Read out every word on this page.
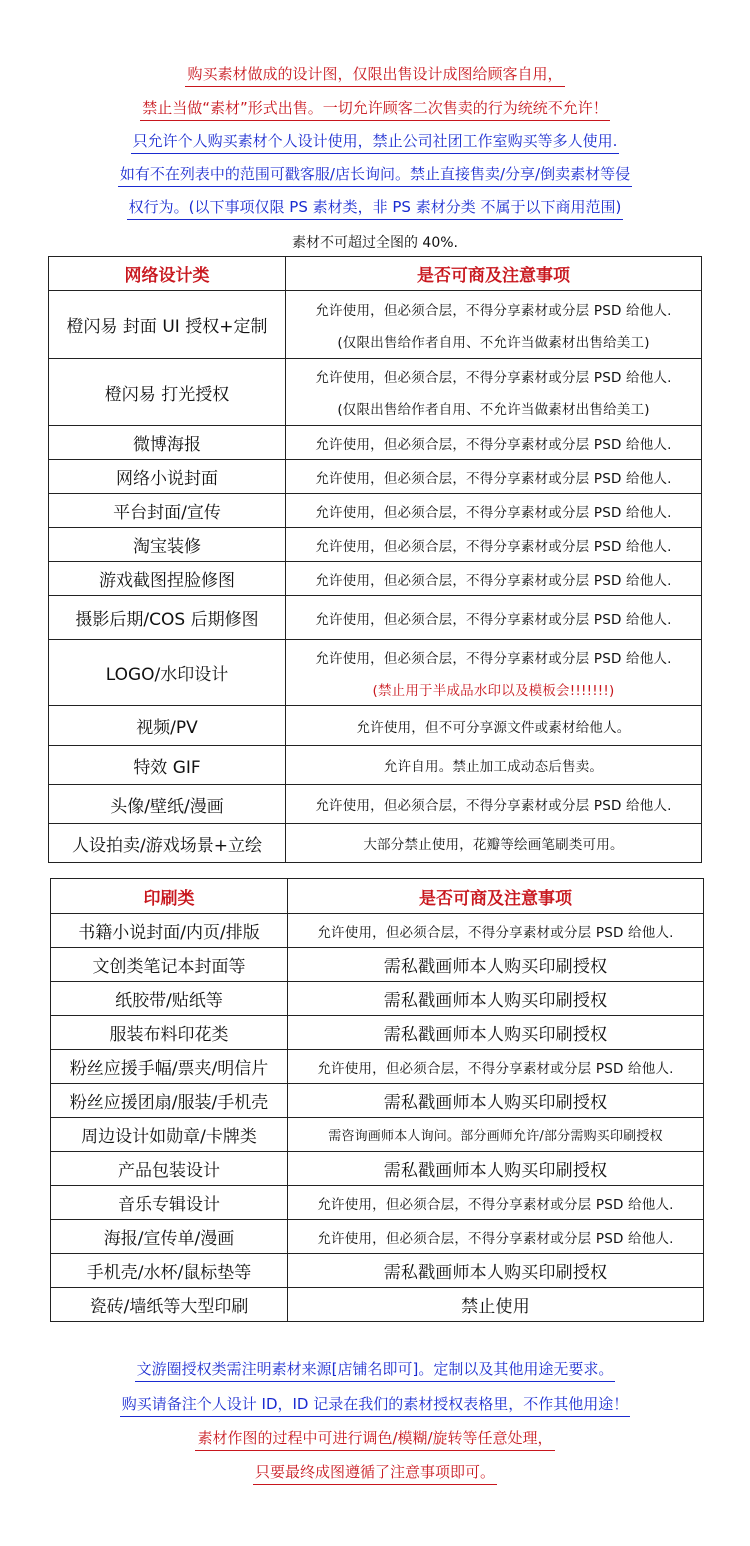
购买素材做成的设计图，仅限出售设计成图给顾客自用，
禁止当做“素材”形式出售。一切允许顾客二次售卖的行为统统不允许！
只允许个人购买素材个人设计使用，禁止公司社团工作室购买等多人使用.
如有不在列表中的范围可戳客服/店长询问。禁止直接售卖/分享/倒卖素材等侵
权行为。(以下事项仅限 PS 素材类，非 PS 素材分类 不属于以下商用范围)
素材不可超过全图的 40%.
网络设计类	是否可商及注意事项
橙闪易 封面 UI 授权+定制	允许使用，但必须合层，不得分享素材或分层 PSD 给他人.
(仅限出售给作者自用、不允许当做素材出售给美工)

橙闪易 打光授权	允许使用，但必须合层，不得分享素材或分层 PSD 给他人.
(仅限出售给作者自用、不允许当做素材出售给美工)

微博海报	允许使用，但必须合层，不得分享素材或分层 PSD 给他人.
网络小说封面	允许使用，但必须合层，不得分享素材或分层 PSD 给他人.
平台封面/宣传	允许使用，但必须合层，不得分享素材或分层 PSD 给他人.
淘宝装修	允许使用，但必须合层，不得分享素材或分层 PSD 给他人.
游戏截图捏脸修图	允许使用，但必须合层，不得分享素材或分层 PSD 给他人.
摄影后期/COS 后期修图	允许使用，但必须合层，不得分享素材或分层 PSD 给他人.
LOGO/水印设计	允许使用，但必须合层，不得分享素材或分层 PSD 给他人.
(禁止用于半成品水印以及模板会!!!!!!!)

视频/PV	允许使用，但不可分享源文件或素材给他人。
特效 GIF	允许自用。禁止加工成动态后售卖。
头像/壁纸/漫画	允许使用，但必须合层，不得分享素材或分层 PSD 给他人.
人设拍卖/游戏场景+立绘	大部分禁止使用，花瓣等绘画笔刷类可用。
印刷类	是否可商及注意事项
书籍小说封面/内页/排版	允许使用，但必须合层，不得分享素材或分层 PSD 给他人.
文创类笔记本封面等	需私戳画师本人购买印刷授权
纸胶带/贴纸等	需私戳画师本人购买印刷授权
服装布料印花类	需私戳画师本人购买印刷授权
粉丝应援手幅/票夹/明信片	允许使用，但必须合层，不得分享素材或分层 PSD 给他人.
粉丝应援团扇/服装/手机壳	需私戳画师本人购买印刷授权
周边设计如勋章/卡牌类	需咨询画师本人询问。部分画师允许/部分需购买印刷授权
产品包装设计	需私戳画师本人购买印刷授权
音乐专辑设计	允许使用，但必须合层，不得分享素材或分层 PSD 给他人.
海报/宣传单/漫画	允许使用，但必须合层，不得分享素材或分层 PSD 给他人.
手机壳/水杯/鼠标垫等	需私戳画师本人购买印刷授权
瓷砖/墙纸等大型印刷	禁止使用
文游圈授权类需注明素材来源[店铺名即可]。定制以及其他用途无要求。
购买请备注个人设计 ID，ID 记录在我们的素材授权表格里，不作其他用途！
素材作图的过程中可进行调色/模糊/旋转等任意处理，
只要最终成图遵循了注意事项即可。
